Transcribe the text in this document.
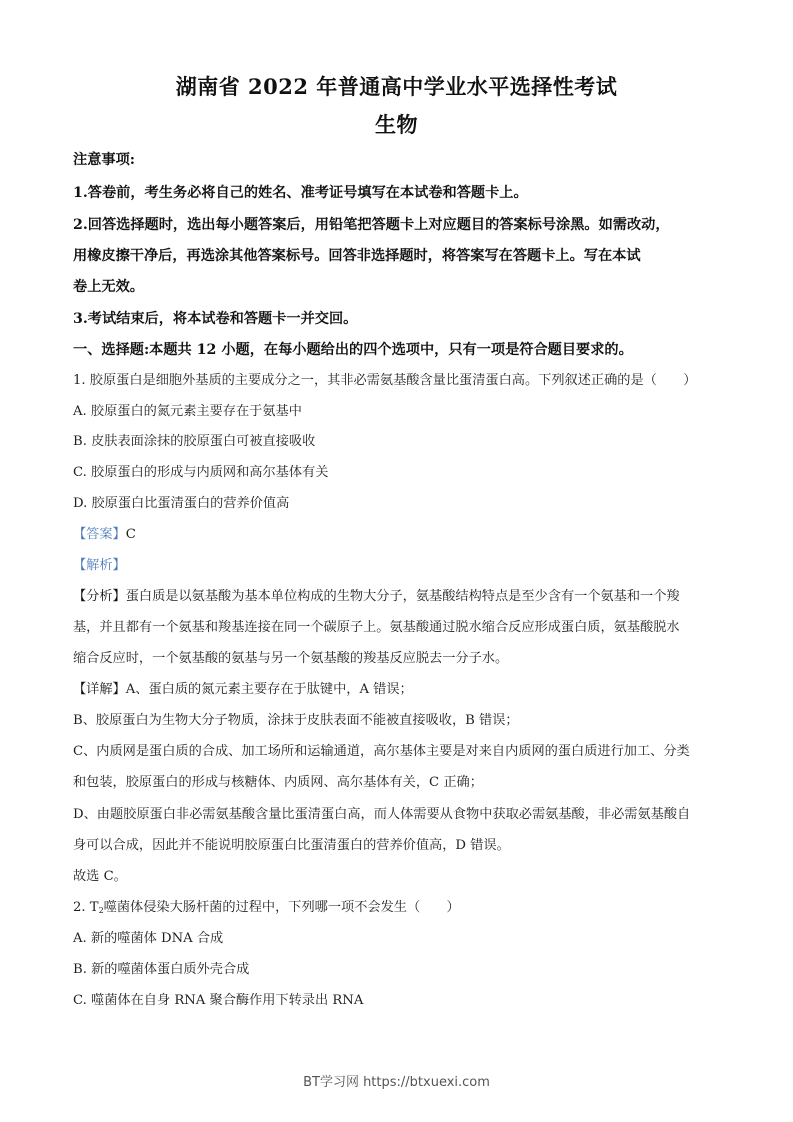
湖南省 2022 年普通高中学业水平选择性考试
生物
注意事项:
1.答卷前，考生务必将自己的姓名、准考证号填写在本试卷和答题卡上。
2.回答选择题时，选出每小题答案后，用铅笔把答题卡上对应题目的答案标号涂黑。如需改动，
用橡皮擦干净后，再选涂其他答案标号。回答非选择题时，将答案写在答题卡上。写在本试
卷上无效。
3.考试结束后，将本试卷和答题卡一并交回。
一、选择题:本题共 12 小题，在每小题给出的四个选项中，只有一项是符合题目要求的。
1. 胶原蛋白是细胞外基质的主要成分之一，其非必需氨基酸含量比蛋清蛋白高。下列叙述正确的是（　　）
A. 胶原蛋白的氮元素主要存在于氨基中
B. 皮肤表面涂抹的胶原蛋白可被直接吸收
C. 胶原蛋白的形成与内质网和高尔基体有关
D. 胶原蛋白比蛋清蛋白的营养价值高
【答案】C
【解析】
【分析】蛋白质是以氨基酸为基本单位构成的生物大分子，氨基酸结构特点是至少含有一个氨基和一个羧
基，并且都有一个氨基和羧基连接在同一个碳原子上。氨基酸通过脱水缩合反应形成蛋白质，氨基酸脱水
缩合反应时，一个氨基酸的氨基与另一个氨基酸的羧基反应脱去一分子水。
【详解】A、蛋白质的氮元素主要存在于肽键中，A 错误；
B、胶原蛋白为生物大分子物质，涂抹于皮肤表面不能被直接吸收，B 错误；
C、内质网是蛋白质的合成、加工场所和运输通道，高尔基体主要是对来自内质网的蛋白质进行加工、分类
和包装，胶原蛋白的形成与核糖体、内质网、高尔基体有关，C 正确；
D、由题胶原蛋白非必需氨基酸含量比蛋清蛋白高，而人体需要从食物中获取必需氨基酸，非必需氨基酸自
身可以合成，因此并不能说明胶原蛋白比蛋清蛋白的营养价值高，D 错误。
故选 C。
2. $T_2$噬菌体侵染大肠杆菌的过程中，下列哪一项不会发生（　　）
A. 新的噬菌体 DNA 合成
B. 新的噬菌体蛋白质外壳合成
C. 噬菌体在自身 RNA 聚合酶作用下转录出 RNA
BT学习网 https://btxuexi.com
